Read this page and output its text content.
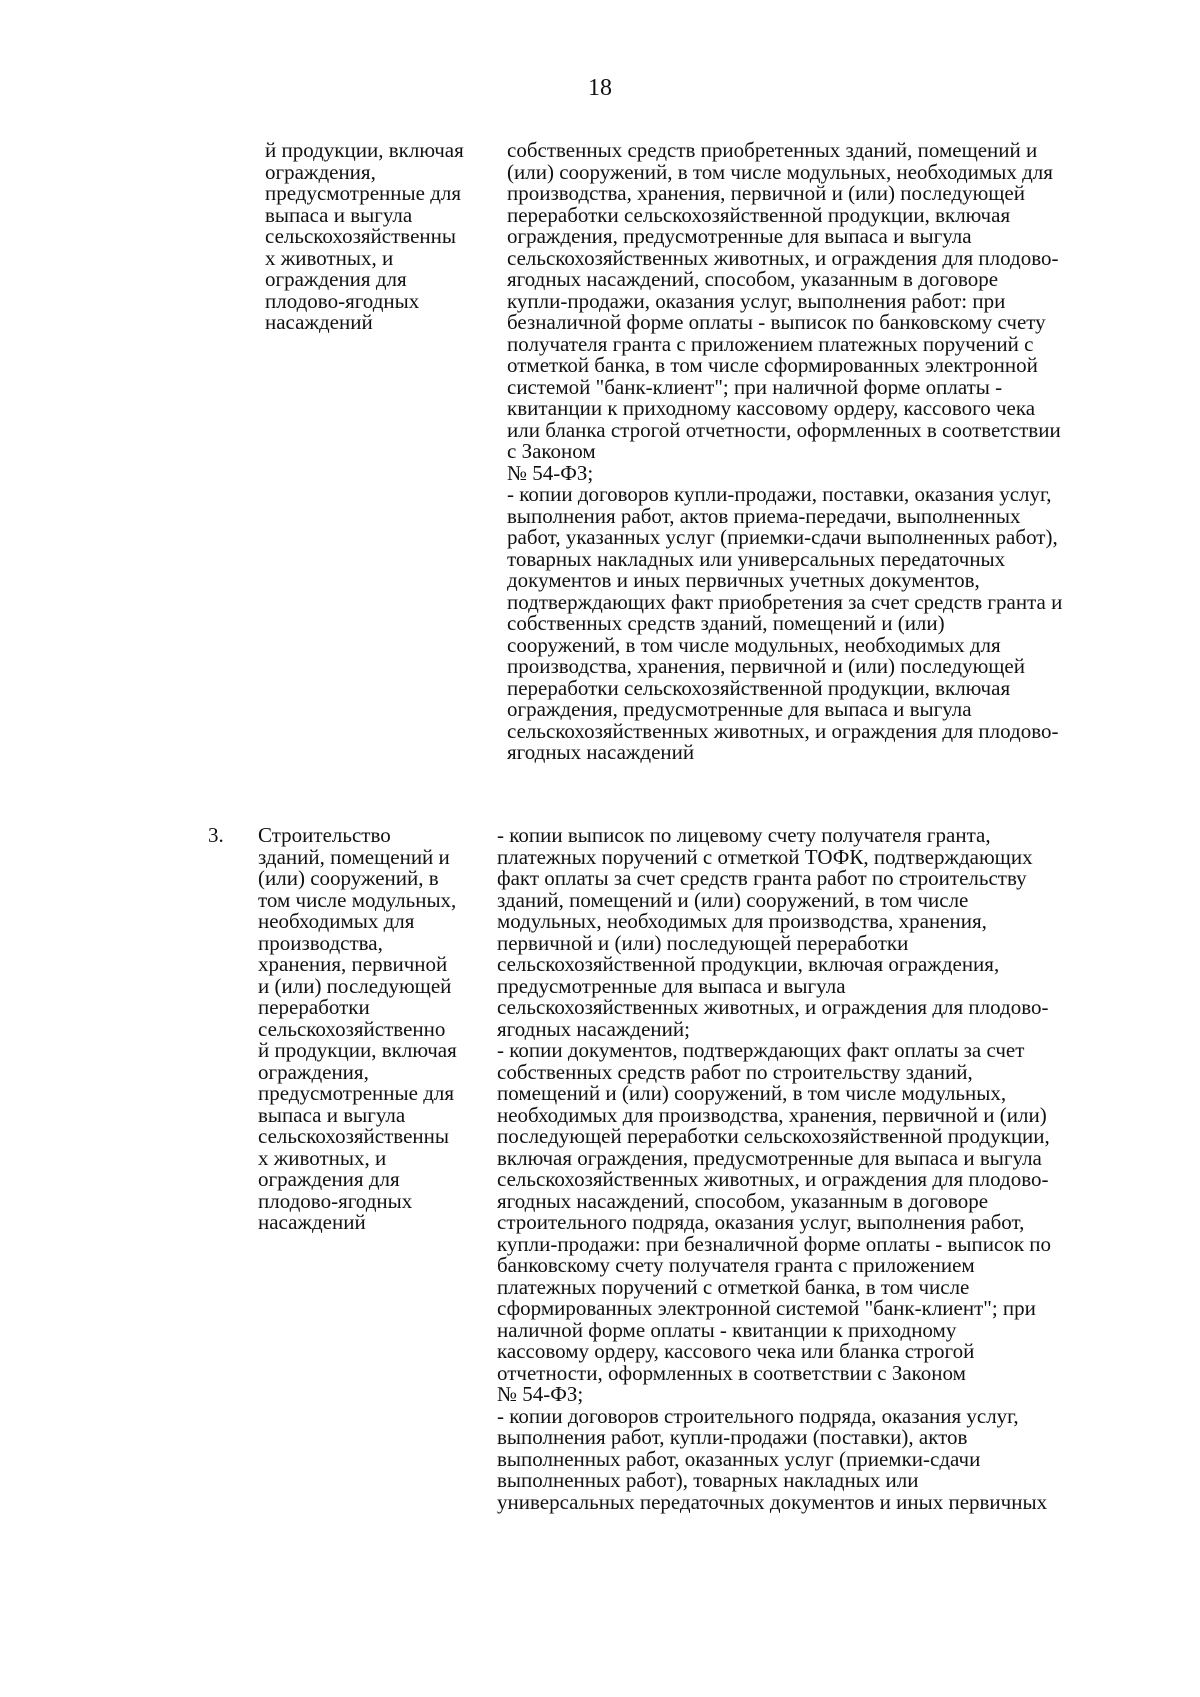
18
й продукции, включая
ограждения,
предусмотренные для
выпаса и выгула
сельскохозяйственны
х животных, и
ограждения для
плодово-ягодных
насаждений
собственных средств приобретенных зданий, помещений и
(или) сооружений, в том числе модульных, необходимых для
производства, хранения, первичной и (или) последующей
переработки сельскохозяйственной продукции, включая
ограждения, предусмотренные для выпаса и выгула
сельскохозяйственных животных, и ограждения для плодово-
ягодных насаждений, способом, указанным в договоре
купли-продажи, оказания услуг, выполнения работ: при
безналичной форме оплаты - выписок по банковскому счету
получателя гранта с приложением платежных поручений с
отметкой банка, в том числе сформированных электронной
системой "банк-клиент"; при наличной форме оплаты -
квитанции к приходному кассовому ордеру, кассового чека
или бланка строгой отчетности, оформленных в соответствии
с Законом
№ 54-ФЗ;
- копии договоров купли-продажи, поставки, оказания услуг,
выполнения работ, актов приема-передачи, выполненных
работ, указанных услуг (приемки-сдачи выполненных работ),
товарных накладных или универсальных передаточных
документов и иных первичных учетных документов,
подтверждающих факт приобретения за счет средств гранта и
собственных средств зданий, помещений и (или)
сооружений, в том числе модульных, необходимых для
производства, хранения, первичной и (или) последующей
переработки сельскохозяйственной продукции, включая
ограждения, предусмотренные для выпаса и выгула
сельскохозяйственных животных, и ограждения для плодово-
ягодных насаждений
3. Строительство
зданий, помещений и
(или) сооружений, в
том числе модульных,
необходимых для
производства,
хранения, первичной
и (или) последующей
переработки
сельскохозяйственно
й продукции, включая
ограждения,
предусмотренные для
выпаса и выгула
сельскохозяйственны
х животных, и
ограждения для
плодово-ягодных
насаждений
- копии выписок по лицевому счету получателя гранта,
платежных поручений с отметкой ТОФК, подтверждающих
факт оплаты за счет средств гранта работ по строительству
зданий, помещений и (или) сооружений, в том числе
модульных, необходимых для производства, хранения,
первичной и (или) последующей переработки
сельскохозяйственной продукции, включая ограждения,
предусмотренные для выпаса и выгула
сельскохозяйственных животных, и ограждения для плодово-
ягодных насаждений;
- копии документов, подтверждающих факт оплаты за счет
собственных средств работ по строительству зданий,
помещений и (или) сооружений, в том числе модульных,
необходимых для производства, хранения, первичной и (или)
последующей переработки сельскохозяйственной продукции,
включая ограждения, предусмотренные для выпаса и выгула
сельскохозяйственных животных, и ограждения для плодово-
ягодных насаждений, способом, указанным в договоре
строительного подряда, оказания услуг, выполнения работ,
купли-продажи: при безналичной форме оплаты - выписок по
банковскому счету получателя гранта с приложением
платежных поручений с отметкой банка, в том числе
сформированных электронной системой "банк-клиент"; при
наличной форме оплаты - квитанции к приходному
кассовому ордеру, кассового чека или бланка строгой
отчетности, оформленных в соответствии с Законом
№ 54-ФЗ;
- копии договоров строительного подряда, оказания услуг,
выполнения работ, купли-продажи (поставки), актов
выполненных работ, оказанных услуг (приемки-сдачи
выполненных работ), товарных накладных или
универсальных передаточных документов и иных первичных
